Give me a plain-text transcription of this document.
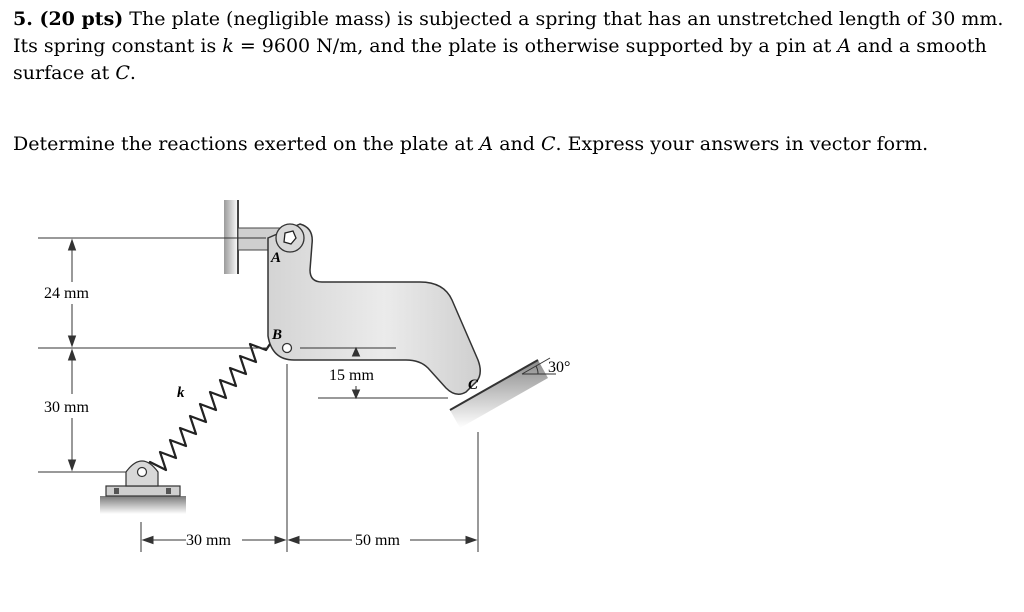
5. (20 pts) The plate (negligible mass) is subjected a spring that has an unstretched length of 30 mm. Its spring constant is k = 9600 N/m, and the plate is otherwise supported by a pin at A and a smooth surface at C.
Determine the reactions exerted on the plate at A and C. Express your answers in vector form.
A
B
C
30°
k
24 mm
30 mm
15 mm
30 mm	50 mm
